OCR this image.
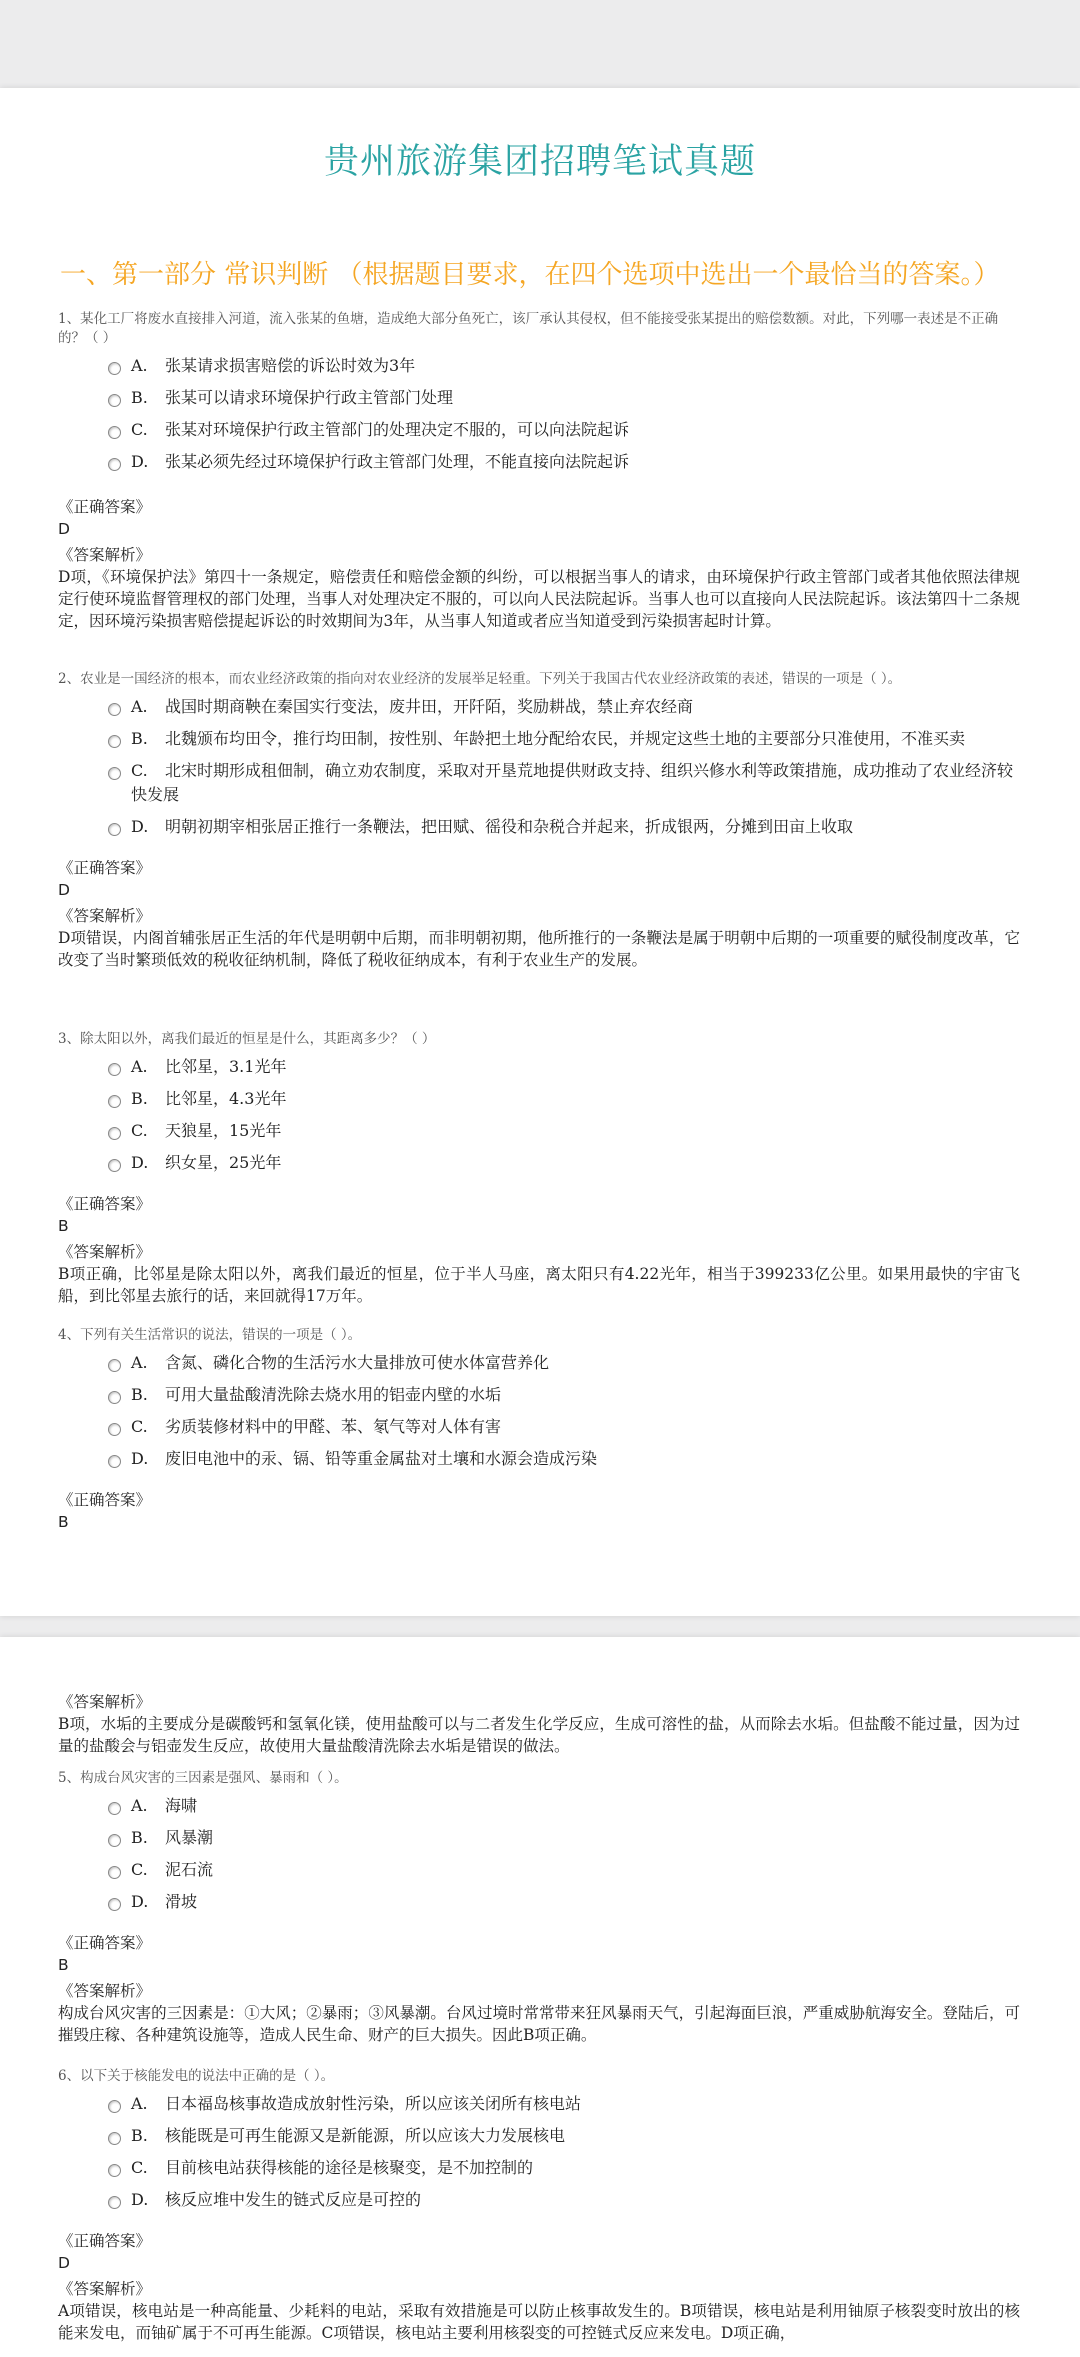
贵州旅游集团招聘笔试真题
一、第一部分 常识判断 （根据题目要求，在四个选项中选出一个最恰当的答案。）
1、某化工厂将废水直接排入河道，流入张某的鱼塘，造成绝大部分鱼死亡，该厂承认其侵权，但不能接受张某提出的赔偿数额。对此，下列哪一表述是不正确的？（ ）
A. 张某请求损害赔偿的诉讼时效为3年
B. 张某可以请求环境保护行政主管部门处理
C. 张某对环境保护行政主管部门的处理决定不服的，可以向法院起诉
D. 张某必须先经过环境保护行政主管部门处理，不能直接向法院起诉
《正确答案》
D
《答案解析》
D项，《环境保护法》第四十一条规定，赔偿责任和赔偿金额的纠纷，可以根据当事人的请求，由环境保护行政主管部门或者其他依照法律规定行使环境监督管理权的部门处理，当事人对处理决定不服的，可以向人民法院起诉。当事人也可以直接向人民法院起诉。该法第四十二条规定，因环境污染损害赔偿提起诉讼的时效期间为3年，从当事人知道或者应当知道受到污染损害起时计算。
2、农业是一国经济的根本，而农业经济政策的指向对农业经济的发展举足轻重。下列关于我国古代农业经济政策的表述，错误的一项是（ ）。
A. 战国时期商鞅在秦国实行变法，废井田，开阡陌，奖励耕战，禁止弃农经商
B. 北魏颁布均田令，推行均田制，按性别、年龄把土地分配给农民，并规定这些土地的主要部分只准使用，不准买卖
C. 北宋时期形成租佃制，确立劝农制度，采取对开垦荒地提供财政支持、组织兴修水利等政策措施，成功推动了农业经济较快发展
D. 明朝初期宰相张居正推行一条鞭法，把田赋、徭役和杂税合并起来，折成银两，分摊到田亩上收取
《正确答案》
D
《答案解析》
D项错误，内阁首辅张居正生活的年代是明朝中后期，而非明朝初期，他所推行的一条鞭法是属于明朝中后期的一项重要的赋役制度改革，它改变了当时繁琐低效的税收征纳机制，降低了税收征纳成本，有利于农业生产的发展。
3、除太阳以外，离我们最近的恒星是什么，其距离多少？（ ）
A. 比邻星，3.1光年
B. 比邻星，4.3光年
C. 天狼星，15光年
D. 织女星，25光年
《正确答案》
B
《答案解析》
B项正确，比邻星是除太阳以外，离我们最近的恒星，位于半人马座，离太阳只有4.22光年，相当于399233亿公里。如果用最快的宇宙飞船，到比邻星去旅行的话，来回就得17万年。
4、下列有关生活常识的说法，错误的一项是（ ）。
A. 含氮、磷化合物的生活污水大量排放可使水体富营养化
B. 可用大量盐酸清洗除去烧水用的铝壶内壁的水垢
C. 劣质装修材料中的甲醛、苯、氡气等对人体有害
D. 废旧电池中的汞、镉、铅等重金属盐对土壤和水源会造成污染
《正确答案》
B
《答案解析》
B项，水垢的主要成分是碳酸钙和氢氧化镁，使用盐酸可以与二者发生化学反应，生成可溶性的盐，从而除去水垢。但盐酸不能过量，因为过量的盐酸会与铝壶发生反应，故使用大量盐酸清洗除去水垢是错误的做法。
5、构成台风灾害的三因素是强风、暴雨和（ ）。
A. 海啸
B. 风暴潮
C. 泥石流
D. 滑坡
《正确答案》
B
《答案解析》
构成台风灾害的三因素是：①大风；②暴雨；③风暴潮。台风过境时常常带来狂风暴雨天气，引起海面巨浪，严重威胁航海安全。登陆后，可摧毁庄稼、各种建筑设施等，造成人民生命、财产的巨大损失。因此B项正确。
6、以下关于核能发电的说法中正确的是（ ）。
A. 日本福岛核事故造成放射性污染，所以应该关闭所有核电站
B. 核能既是可再生能源又是新能源，所以应该大力发展核电
C. 目前核电站获得核能的途径是核聚变，是不加控制的
D. 核反应堆中发生的链式反应是可控的
《正确答案》
D
《答案解析》
A项错误，核电站是一种高能量、少耗料的电站，采取有效措施是可以防止核事故发生的。B项错误，核电站是利用铀原子核裂变时放出的核能来发电，而铀矿属于不可再生能源。C项错误，核电站主要利用核裂变的可控链式反应来发电。D项正确，
